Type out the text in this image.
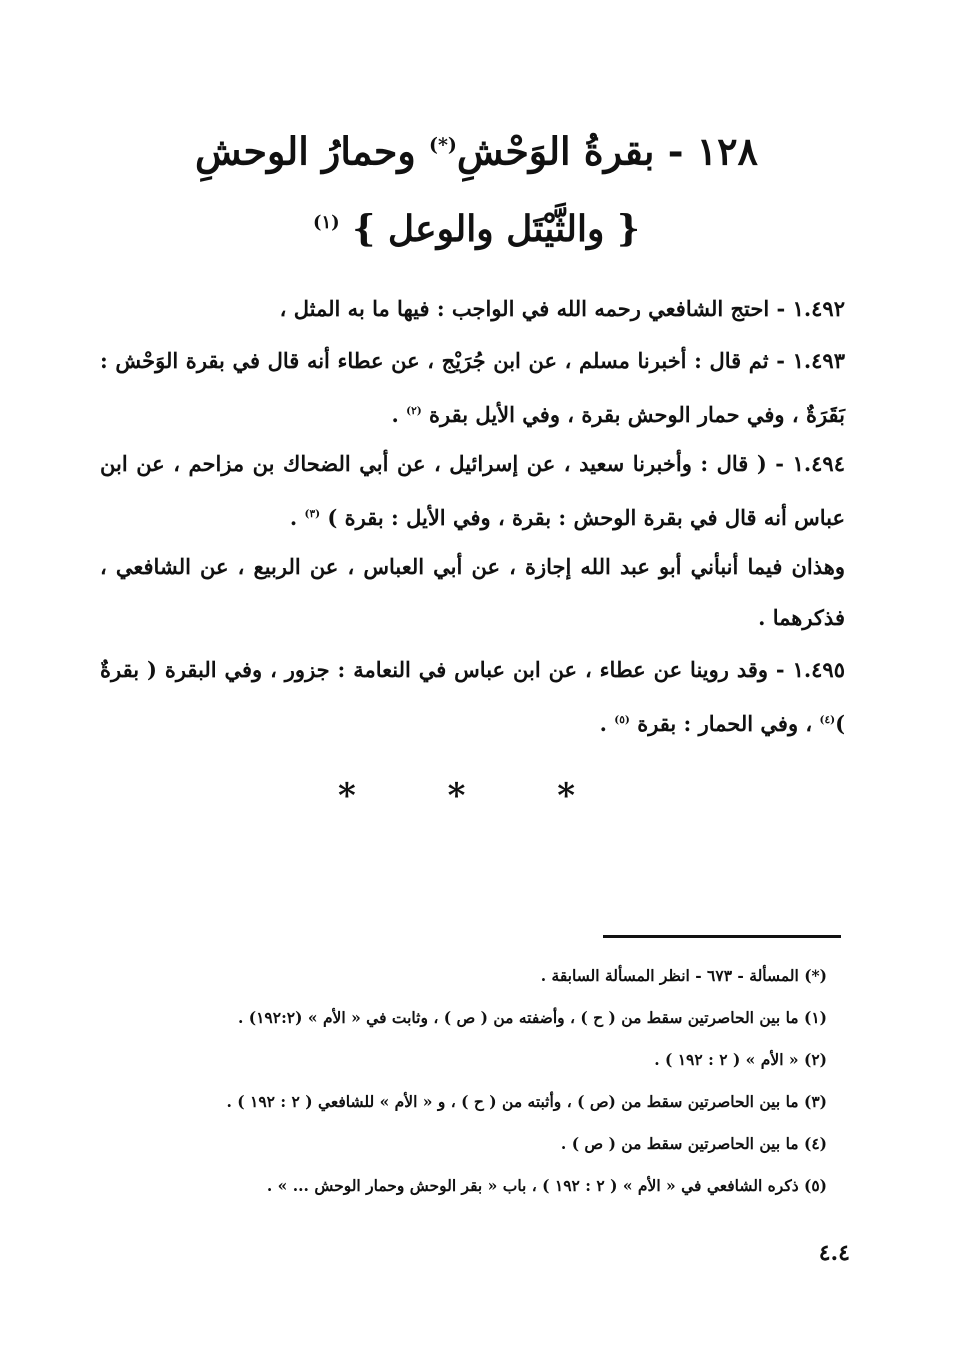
١٢٨ - بقرةُ الوَحْشِ(*) وحمارُ الوحشِ
{ والثَّيْتَل والوعل } $^{(١)}$

١.٤٩٢ - احتج الشافعي رحمه الله في الواجب : فيها ما به المثل ،

١.٤٩٣ - ثم قال : أخبرنا مسلم ، عن ابن جُرَيْج ، عن عطاء أنه قال في بقرة الوَحْش : بَقَرَةٌ ، وفي حمار الوحش بقرة ، وفي الأيل بقرة $^{(٢)}$ .

١.٤٩٤ - ( قال : وأخبرنا سعيد ، عن إسرائيل ، عن أبي الضحاك بن مزاحم ، عن ابن عباس أنه قال في بقرة الوحش : بقرة ، وفي الأيل : بقرة ) $^{(٣)}$ .

وهذان فيما أنبأني أبو عبد الله إجازة ، عن أبي العباس ، عن الربيع ، عن الشافعي ، فذكرهما .

١.٤٩٥ - وقد روينا عن عطاء ، عن ابن عباس في النعامة : جزور ، وفي البقرة ( بقرةٌ )$^{(٤)}$ ، وفي الحمار : بقرة $^{(٥)}$ .

* * *
(*) المسألة - ٦٧٣ - انظر المسألة السابقة .
(١) ما بين الحاصرتين سقط من ( ح ) ، وأضفته من ( ص ) ، وثابت في « الأم » (١٩٢:٢) .
(٢) « الأم » ( ٢ : ١٩٢ ) .
(٣) ما بين الحاصرتين سقط من (ص ) ، وأثبته من ( ح ) ، و « الأم » للشافعي ( ٢ : ١٩٢ ) .
(٤) ما بين الحاصرتين سقط من ( ص ) .
(٥) ذكره الشافعي في « الأم » ( ٢ : ١٩٢ ) ، باب « بقر الوحش وحمار الوحش ... » .
٤.٤
